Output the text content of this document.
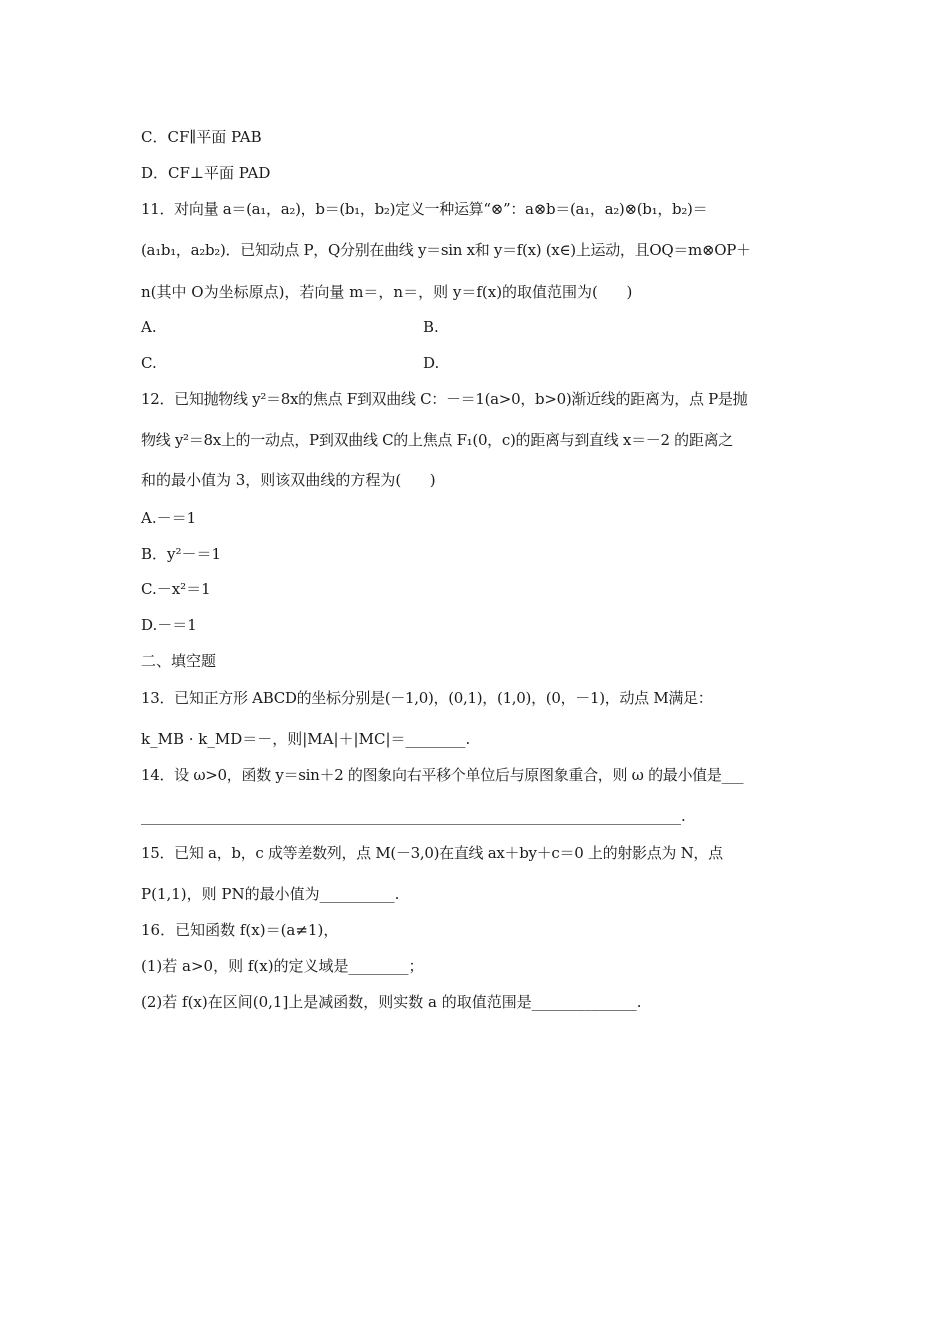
C．CF∥平面 PAB
D．CF⊥平面 PAD
11．对向量 a＝(a₁，a₂)，b＝(b₁，b₂)定义一种运算“⊗”：a⊗b＝(a₁，a₂)⊗(b₁，b₂)＝
(a₁b₁，a₂b₂)．已知动点 P，Q分别在曲线 y＝sin x和 y＝f(x) (x∈)上运动，且OQ＝m⊗OP＋
n(其中 O为坐标原点)，若向量 m＝，n＝，则 y＝f(x)的取值范围为(      )
A.	B.
C.	D.
12．已知抛物线 y²＝8x的焦点 F到双曲线 C：－＝1(a>0，b>0)渐近线的距离为，点 P是抛
物线 y²＝8x上的一动点，P到双曲线 C的上焦点 F₁(0，c)的距离与到直线 x＝－2 的距离之
和的最小值为 3，则该双曲线的方程为(      )
A.－＝1
B．y²－＝1
C.－x²＝1
D.－＝1
二、填空题
13．已知正方形 ABCD的坐标分别是(－1,0)，(0,1)，(1,0)，(0，－1)，动点 M满足：
k_MB · k_MD＝－，则|MA|＋|MC|＝________.
14．设 ω>0，函数 y＝sin＋2 的图象向右平移个单位后与原图象重合，则 ω 的最小值是___
________________________________________________________________________.
15．已知 a，b，c 成等差数列，点 M(－3,0)在直线 ax＋by＋c＝0 上的射影点为 N，点
P(1,1)，则 PN的最小值为__________.
16．已知函数 f(x)＝(a≠1)，
(1)若 a>0，则 f(x)的定义域是________；
(2)若 f(x)在区间(0,1]上是减函数，则实数 a 的取值范围是______________.
